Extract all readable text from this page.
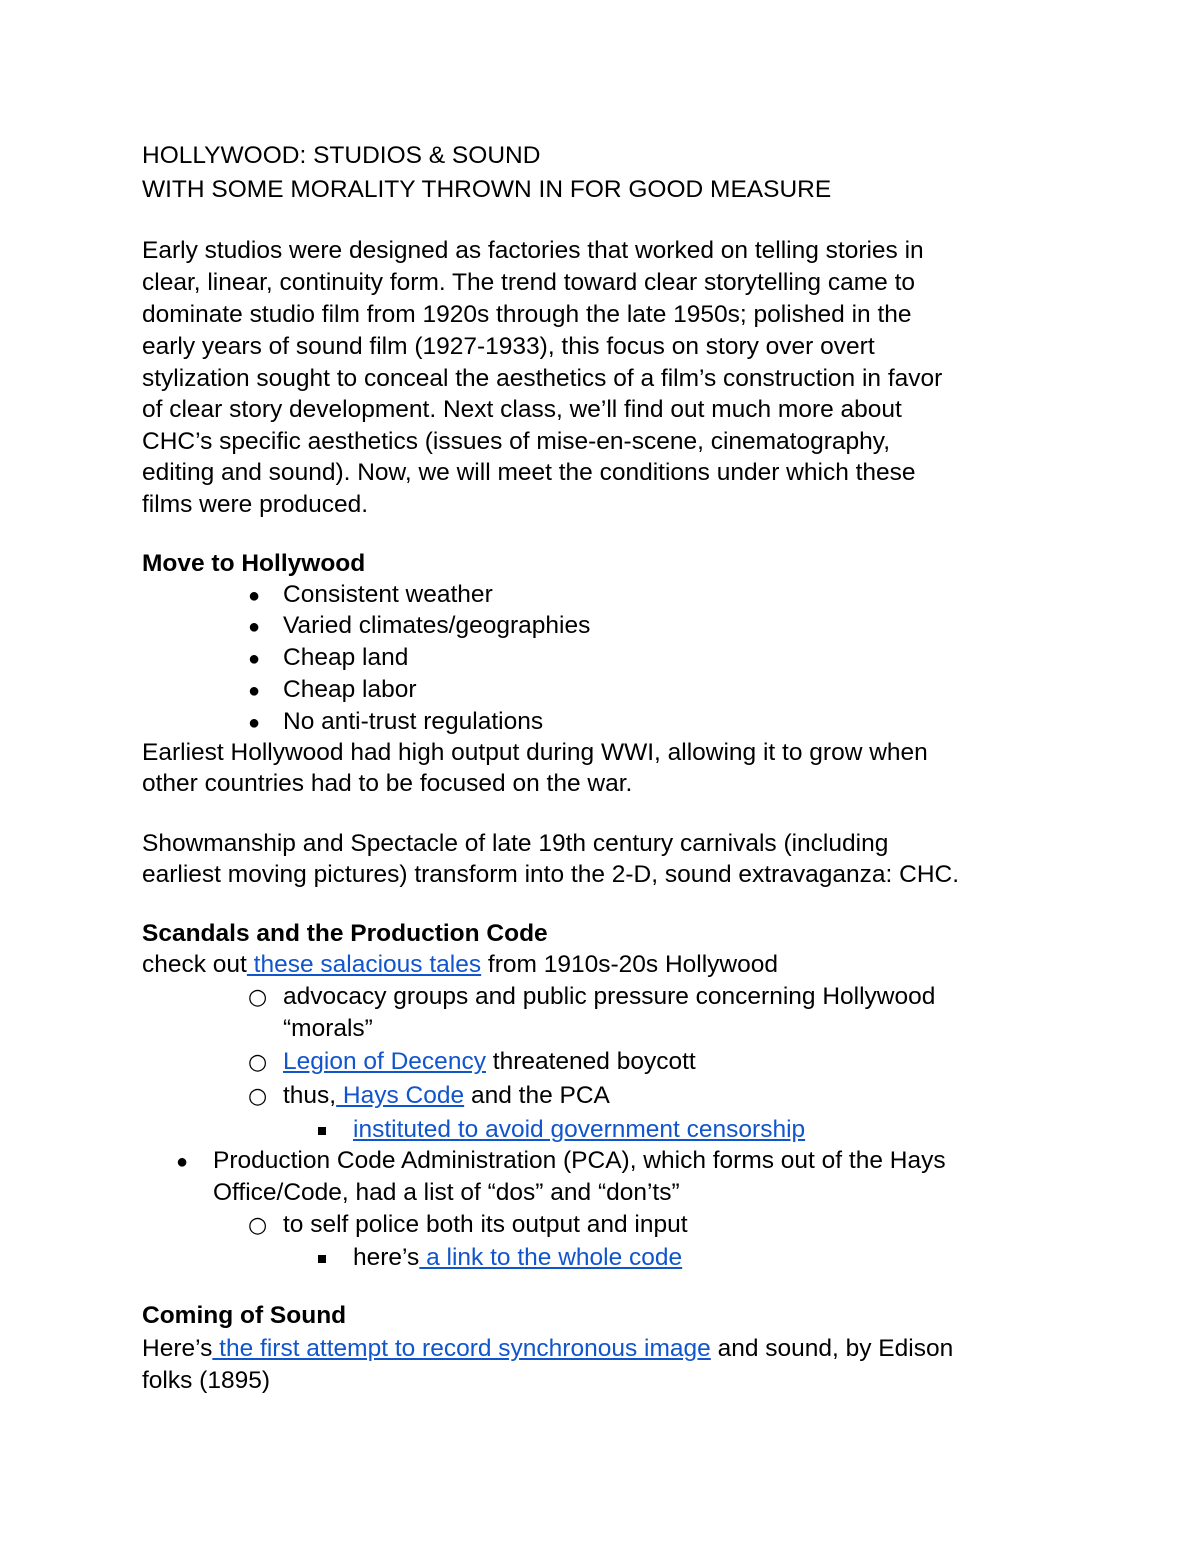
HOLLYWOOD: STUDIOS & SOUND
WITH SOME MORALITY THROWN IN FOR GOOD MEASURE
Early studios were designed as factories that worked on telling stories in
clear, linear, continuity form. The trend toward clear storytelling came to
dominate studio film from 1920s through the late 1950s; polished in the
early years of sound film (1927-1933), this focus on story over overt
stylization sought to conceal the aesthetics of a film’s construction in favor
of clear story development. Next class, we’ll find out much more about
CHC’s specific aesthetics (issues of mise-en-scene, cinematography,
editing and sound). Now, we will meet the conditions under which these
films were produced.
Move to Hollywood
● Consistent weather
● Varied climates/geographies
● Cheap land
● Cheap labor
● No anti-trust regulations
Earliest Hollywood had high output during WWI, allowing it to grow when
other countries had to be focused on the war.
Showmanship and Spectacle of late 19th century carnivals (including
earliest moving pictures) transform into the 2-D, sound extravaganza: CHC.
Scandals and the Production Code
check out these salacious tales from 1910s-20s Hollywood
○ advocacy groups and public pressure concerning Hollywood
“morals”
○ Legion of Decency threatened boycott
○ thus, Hays Code and the PCA
instituted to avoid government censorship
● Production Code Administration (PCA), which forms out of the Hays
Office/Code, had a list of “dos” and “don’ts”
○ to self police both its output and input
here’s a link to the whole code
Coming of Sound
Here’s the first attempt to record synchronous image and sound, by Edison
folks (1895)
